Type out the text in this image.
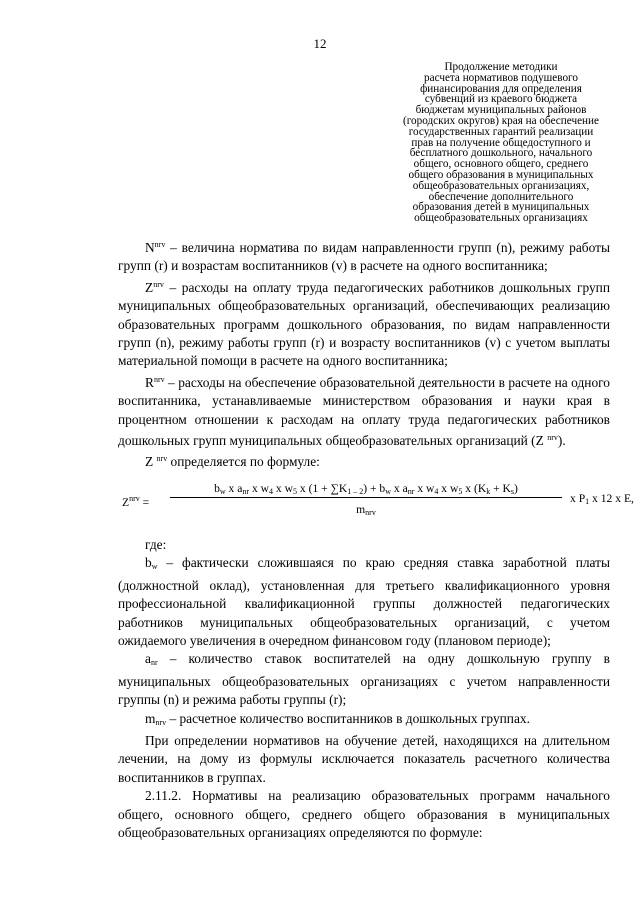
12
Продолжение методики
расчета нормативов подушевого
финансирования для определения
субвенций из краевого бюджета
бюджетам муниципальных районов
(городских округов) края на обеспечение
государственных гарантий реализации
прав на получение общедоступного и
бесплатного дошкольного, начального
общего, основного общего, среднего
общего образования в муниципальных
общеобразовательных организациях,
обеспечение дополнительного
образования детей в муниципальных
общеобразовательных организациях

$N^{nrv}$ – величина норматива по видам направленности групп (n), режиму работы групп (r) и возрастам воспитанников (v) в расчете на одного воспитанника;

$Z^{nrv}$ – расходы на оплату труда педагогических работников дошкольных групп муниципальных общеобразовательных организаций, обеспечивающих реализацию образовательных программ дошкольного образования, по видам направленности групп (n), режиму работы групп (r) и возрасту воспитанников (v) с учетом выплаты материальной помощи в расчете на одного воспитанника;

$R^{nrv}$ – расходы на обеспечение образовательной деятельности в расчете на одного воспитанника, устанавливаемые министерством образования и науки края в процентном отношении к расходам на оплату труда педагогических работников дошкольных групп муниципальных общеобразовательных организаций (Z $^{nrv}$).

Z $^{nrv}$ определяется по формуле:

$Z^{nrv}$ =
$b_w$ x $a_{nr}$ x $w_4$ x $w_5$ x $(1 + \sum K_{1 - 2}) + b_w$ x $a_{nr}$ x $w_4$ x $w_5$ x $(K_k + K_s)$
$m_{nrv}$
x $P_1$ x 12 x E,

где:

$b_w$ – фактически сложившаяся по краю средняя ставка заработной платы (должностной оклад), установленная для третьего квалификационного уровня профессиональной квалификационной группы должностей педагогических работников муниципальных общеобразовательных организаций, с учетом ожидаемого увеличения в очередном финансовом году (плановом периоде);

$a_{nr}$ – количество ставок воспитателей на одну дошкольную группу в муниципальных общеобразовательных организациях с учетом направленности группы (n) и режима работы группы (r);

$m_{nrv}$ – расчетное количество воспитанников в дошкольных группах.

При определении нормативов на обучение детей, находящихся на длительном лечении, на дому из формулы исключается показатель расчетного количества воспитанников в группах.

2.11.2. Нормативы на реализацию образовательных программ начального общего, основного общего, среднего общего образования в муниципальных общеобразовательных организациях определяются по формуле:
